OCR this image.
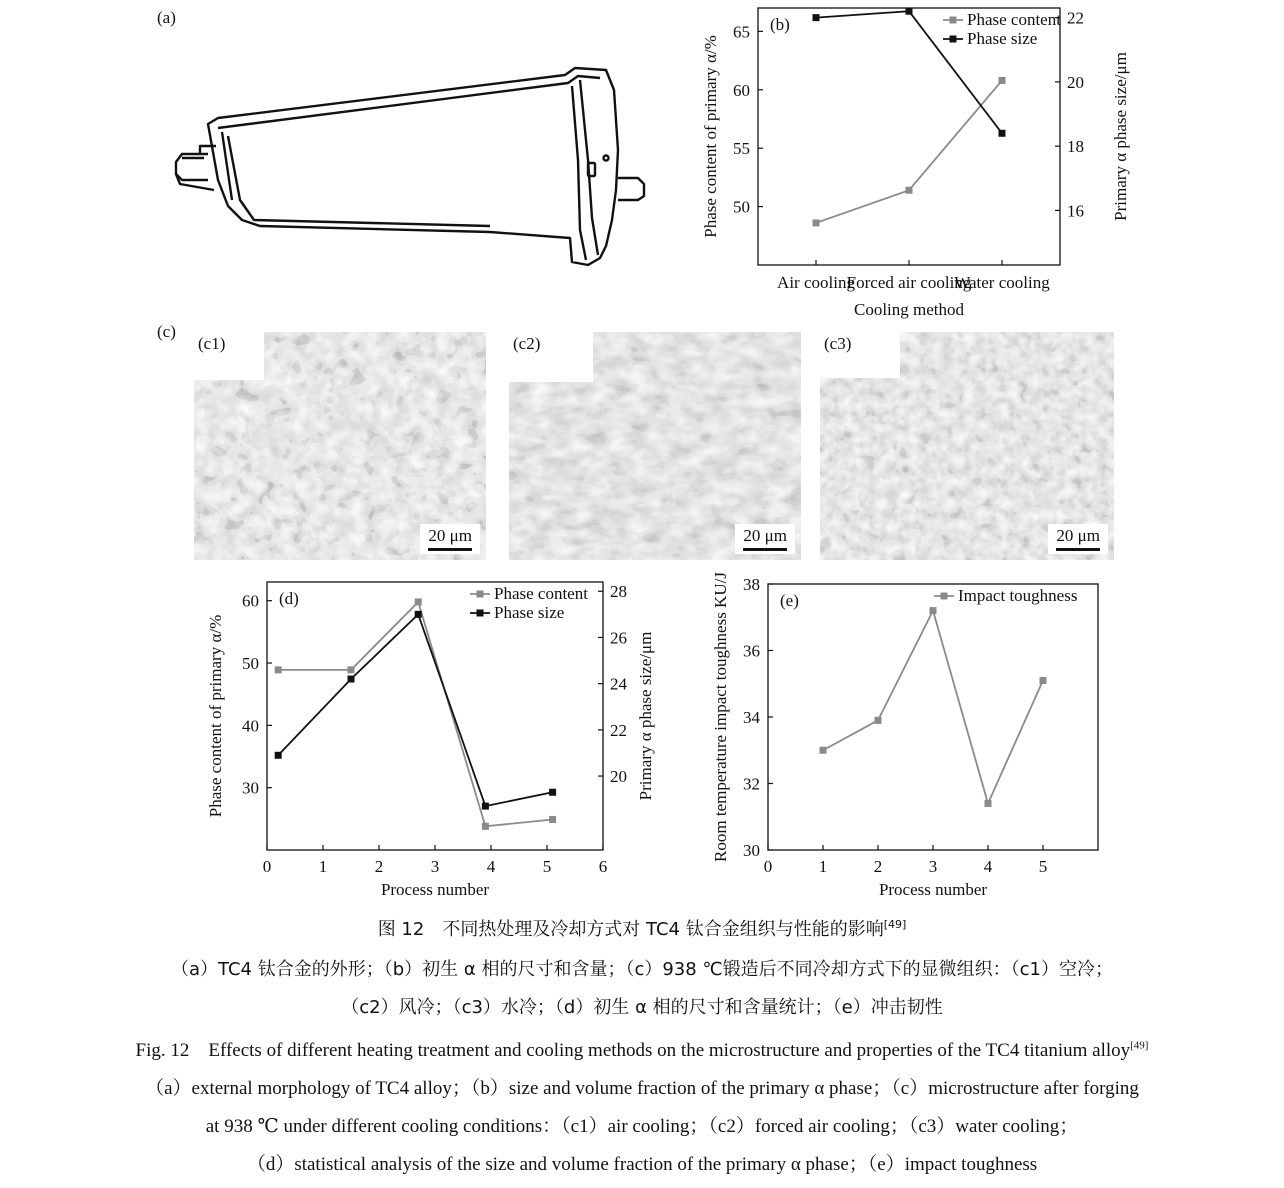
(a)	(b)
50
55
60
65
16
18
20
22
Air cooling
Forced air cooling
Water cooling
Cooling method
Phase content of primary α/%	Primary α phase size/μm
Phase content
Phase size
(c)
(c1)
20 μm
(c2)
20 μm
(c3)
20 μm
(d)
30
40
50
60
20
22
24
26
28
0	1	2	3	4	5	6
Process number
Phase content of primary α/%	Primary α phase size/μm
Phase content
Phase size
(e)
30
32
34
36
38
0	1	2	3	4	5
Process number
Room temperature impact toughness KU/J	Impact toughness
图 12　不同热处理及冷却方式对 TC4 钛合金组织与性能的影响[49]
（a）TC4 钛合金的外形；（b）初生 α 相的尺寸和含量；（c）938 ℃锻造后不同冷却方式下的显微组织：（c1）空冷；
（c2）风冷；（c3）水冷；（d）初生 α 相的尺寸和含量统计；（e）冲击韧性
Fig. 12　Effects of different heating treatment and cooling methods on the microstructure and properties of the TC4 titanium alloy[49]
（a）external morphology of TC4 alloy；（b）size and volume fraction of the primary α phase；（c）microstructure after forging
at 938 ℃ under different cooling conditions：（c1）air cooling；（c2）forced air cooling；（c3）water cooling；
（d）statistical analysis of the size and volume fraction of the primary α phase；（e）impact toughness
